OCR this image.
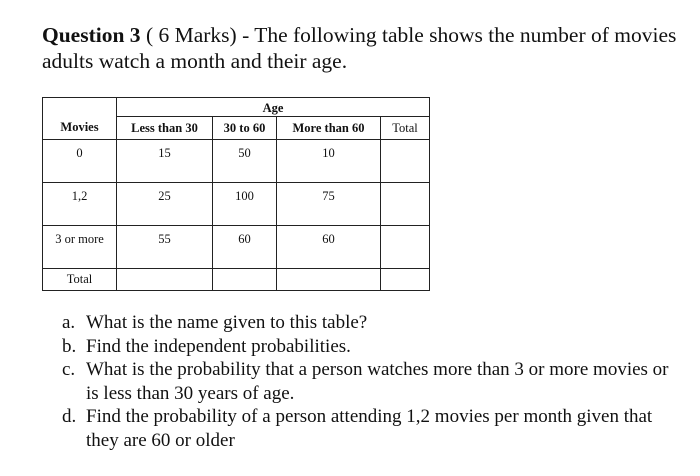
Question 3 ( 6 Marks) - The following table shows the number of movies adults watch a month and their age.
	Age			
Movies	Less than 30	30 to 60	More than 60	Total
0	15	50	10	
1,2	25	100	75	
3 or more	55	60	60	
Total				
a. What is the name given to this table?
b. Find the independent probabilities.
c. What is the probability that a person watches more than 3 or more movies or is less than 30 years of age.
d. Find the probability of a person attending 1,2 movies per month given that they are 60 or older
